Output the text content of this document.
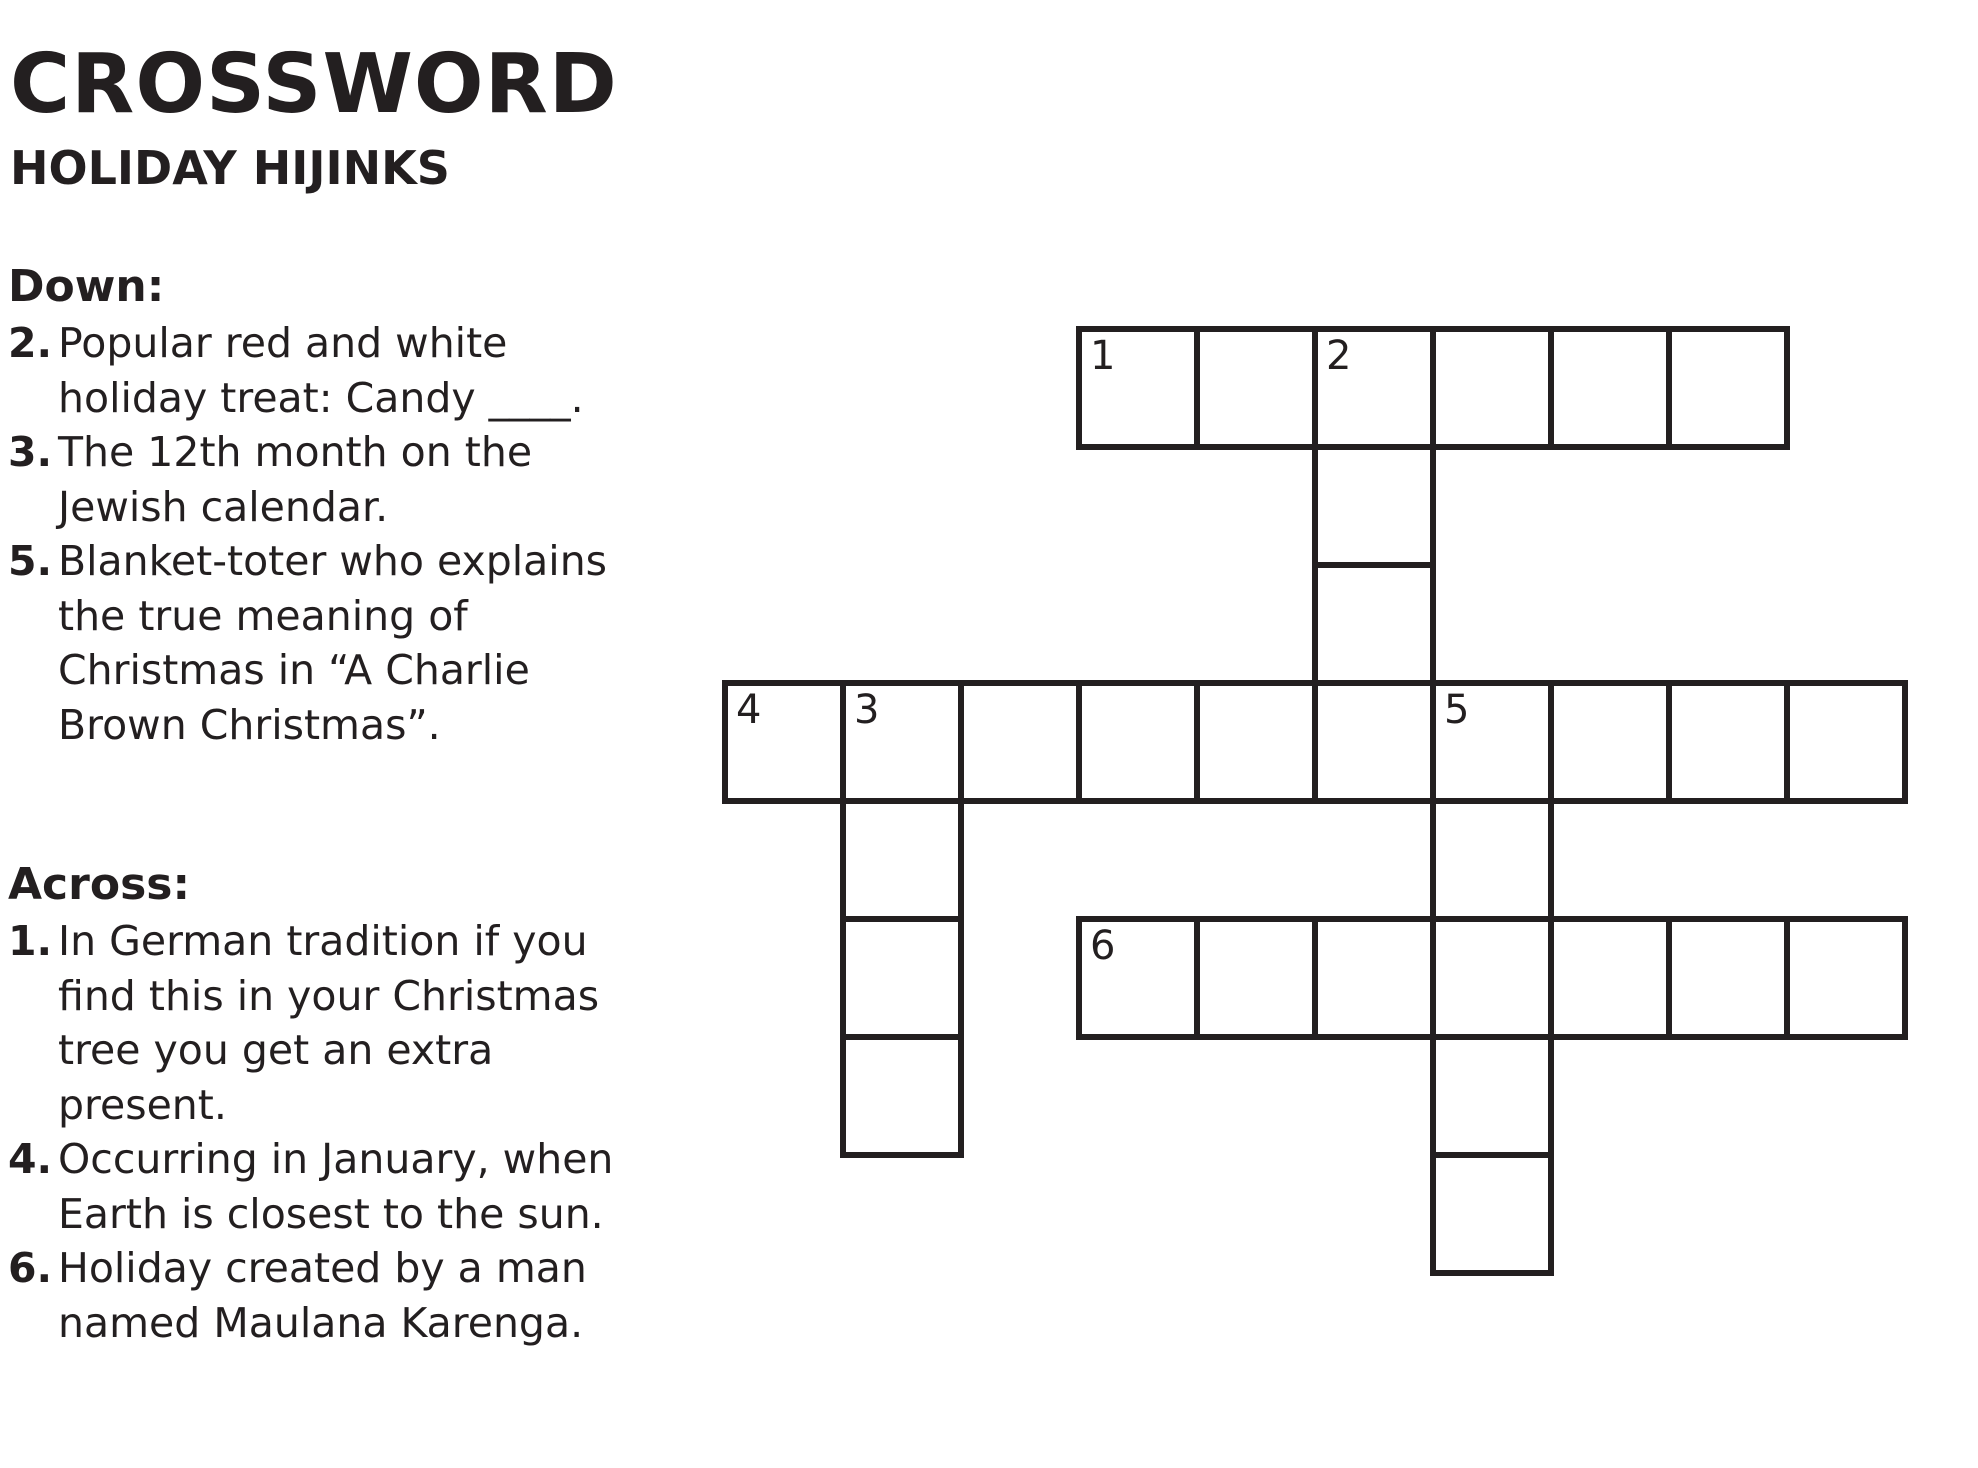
CROSSWORD
HOLIDAY HIJINKS
Down:
2. Popular red and white holiday treat: Candy ____.
3. The 12th month on the Jewish calendar.
5. Blanket-toter who explains the true meaning of Christmas in “A Charlie Brown Christmas”.
Across:
1. In German tradition if you find this in your Christmas tree you get an extra present.
4. Occurring in January, when Earth is closest to the sun.
6. Holiday created by a man named Maulana Karenga.
1	2
4 3	5
6
